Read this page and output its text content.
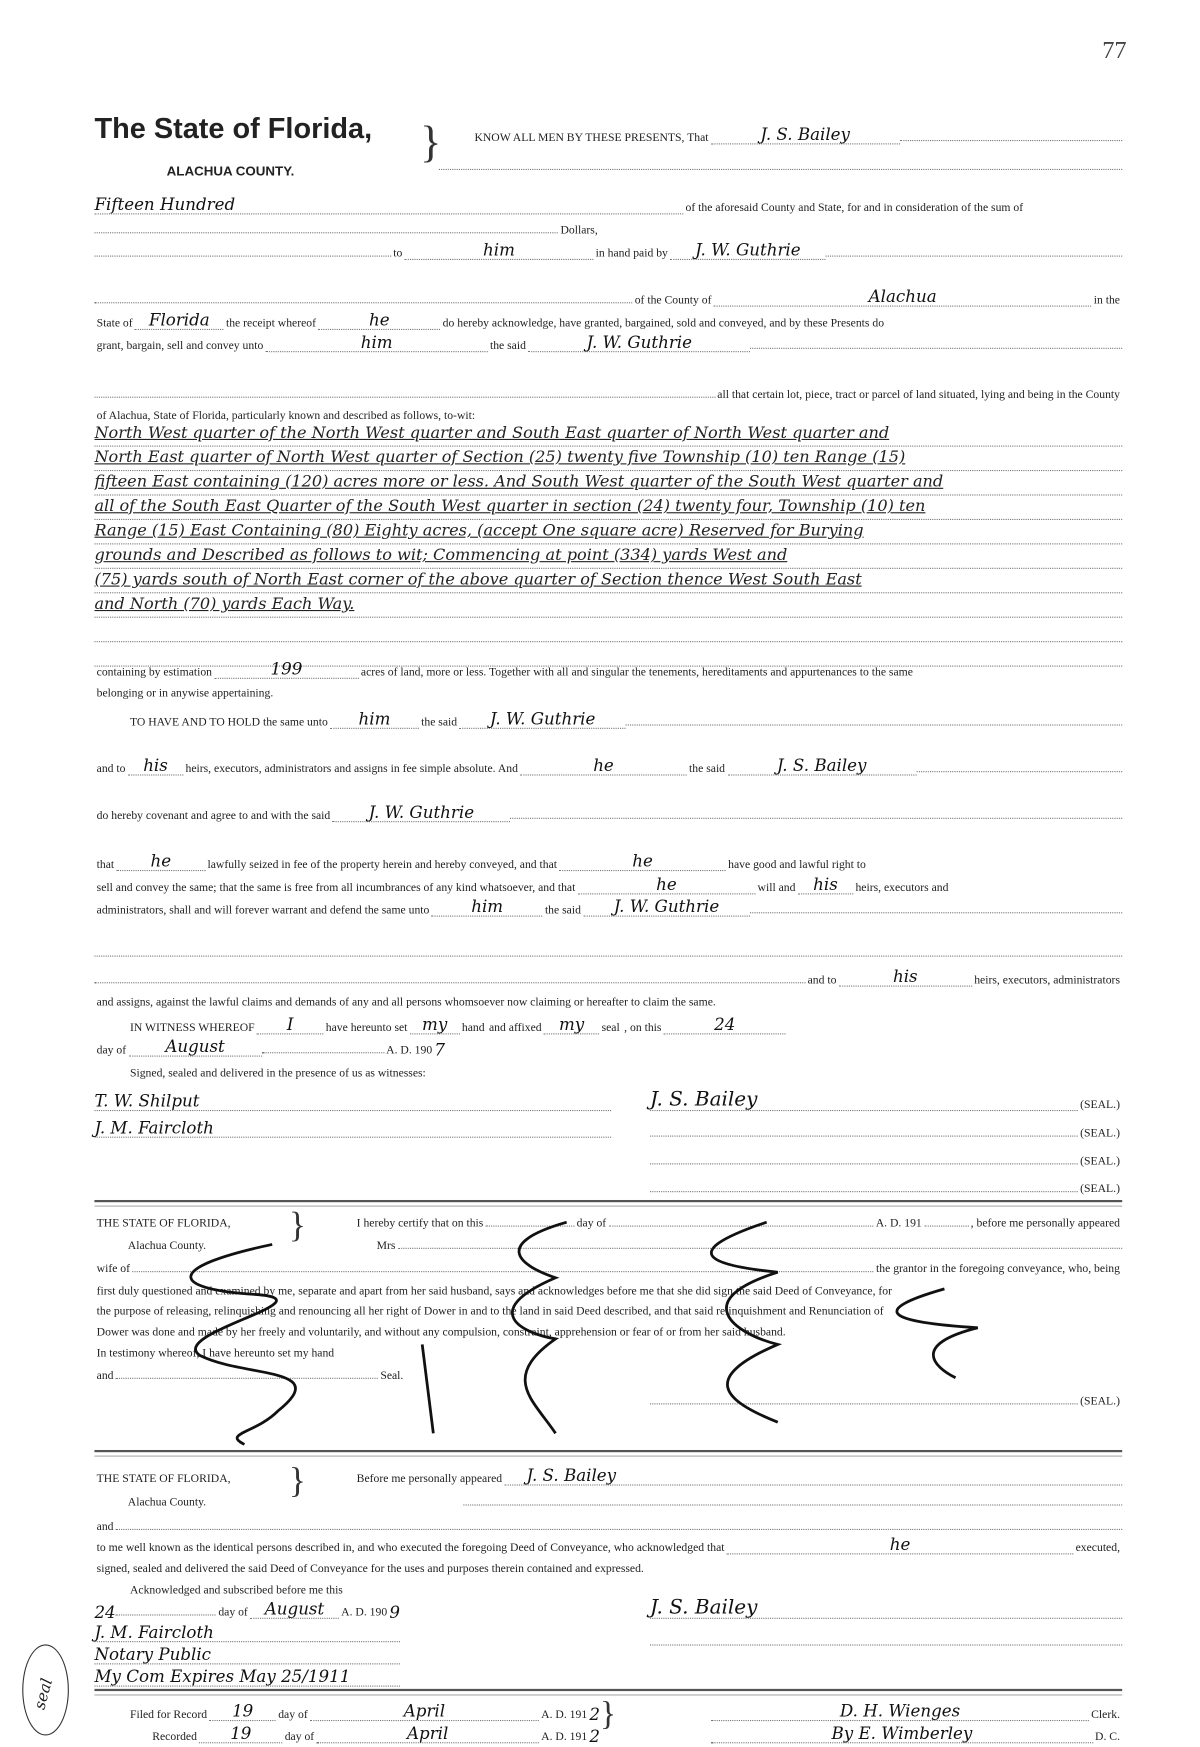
77
The State of Florida,
ALACHUA COUNTY.
}	KNOW ALL MEN BY THESE PRESENTS, That	J. S. Bailey
Fifteen Hundred	of the aforesaid County and State, for and in consideration of the sum of
Dollars,
to	him	in hand paid by	J. W. Guthrie
of the County of	Alachua	in the
State of	Florida	the receipt whereof	he	do hereby acknowledge, have granted, bargained, sold and conveyed, and by these Presents do
grant, bargain, sell and convey unto	him	the said	J. W. Guthrie
all that certain lot, piece, tract or parcel of land situated, lying and being in the County
of Alachua, State of Florida, particularly known and described as follows, to-wit:
North West quarter of the North West quarter and South East quarter of North West quarter and
North East quarter of North West quarter of Section (25) twenty five Township (10) ten Range (15)
fifteen East containing (120) acres more or less. And South West quarter of the South West quarter and
all of the South East Quarter of the South West quarter in section (24) twenty four, Township (10) ten
Range (15) East Containing (80) Eighty acres, (accept One square acre) Reserved for Burying
grounds and Described as follows to wit; Commencing at point (334) yards West and
(75) yards south of North East corner of the above quarter of Section thence West South East
and North (70) yards Each Way.
containing by estimation	199	acres of land, more or less. Together with all and singular the tenements, hereditaments and appurtenances to the same
belonging or in anywise appertaining.
TO HAVE AND TO HOLD the same unto	him	the said	J. W. Guthrie
and to	his	heirs, executors, administrators and assigns in fee simple absolute. And	he	the said	J. S. Bailey
do hereby covenant and agree to and with the said	J. W. Guthrie
that	he	lawfully seized in fee of the property herein and hereby conveyed, and that	he	have good and lawful right to
sell and convey the same; that the same is free from all incumbrances of any kind whatsoever, and that	he	will and	his	heirs, executors and
administrators, shall and will forever warrant and defend the same unto	him	the said	J. W. Guthrie
and to	his	heirs, executors, administrators
and assigns, against the lawful claims and demands of any and all persons whomsoever now claiming or hereafter to claim the same.
IN WITNESS WHEREOF	I	have hereunto set my	hand and affixed	my	seal , on this	24
day of	August	A. D. 190 7
Signed, sealed and delivered in the presence of us as witnesses:
T. W. Shilput
J. M. Faircloth
J. S. Bailey	(SEAL.)
(SEAL.)
(SEAL.)
(SEAL.)
THE STATE OF FLORIDA,	I hereby certify that on this	day of	A. D. 191	, before me personally appeared
}
Alachua County.	Mrs
wife of	the grantor in the foregoing conveyance, who, being
first duly questioned and examined by me, separate and apart from her said husband, says and acknowledges before me that she did sign the said Deed of Conveyance, for
the purpose of releasing, relinquishing and renouncing all her right of Dower in and to the land in said Deed described, and that said relinquishment and Renunciation of
Dower was done and made by her freely and voluntarily, and without any compulsion, constraint, apprehension or fear of or from her said husband.
In testimony whereof, I have hereunto set my hand
and	Seal.
(SEAL.)
THE STATE OF FLORIDA,	Before me personally appeared	J. S. Bailey
}
Alachua County.
and
to me well known as the identical persons described in, and who executed the foregoing Deed of Conveyance, who acknowledged that	he	executed,
signed, sealed and delivered the said Deed of Conveyance for the uses and purposes therein contained and expressed.
Acknowledged and subscribed before me this
24	day of	August	A. D. 190 9
J. M. Faircloth
Notary Public
My Com Expires May 25/1911
seal
J. S. Bailey
Filed for Record	19	day of	April	A. D. 191 2
Recorded	19	day of	April	A. D. 191 2
}	D. H. Wienges	Clerk.
By E. Wimberley	D. C.
